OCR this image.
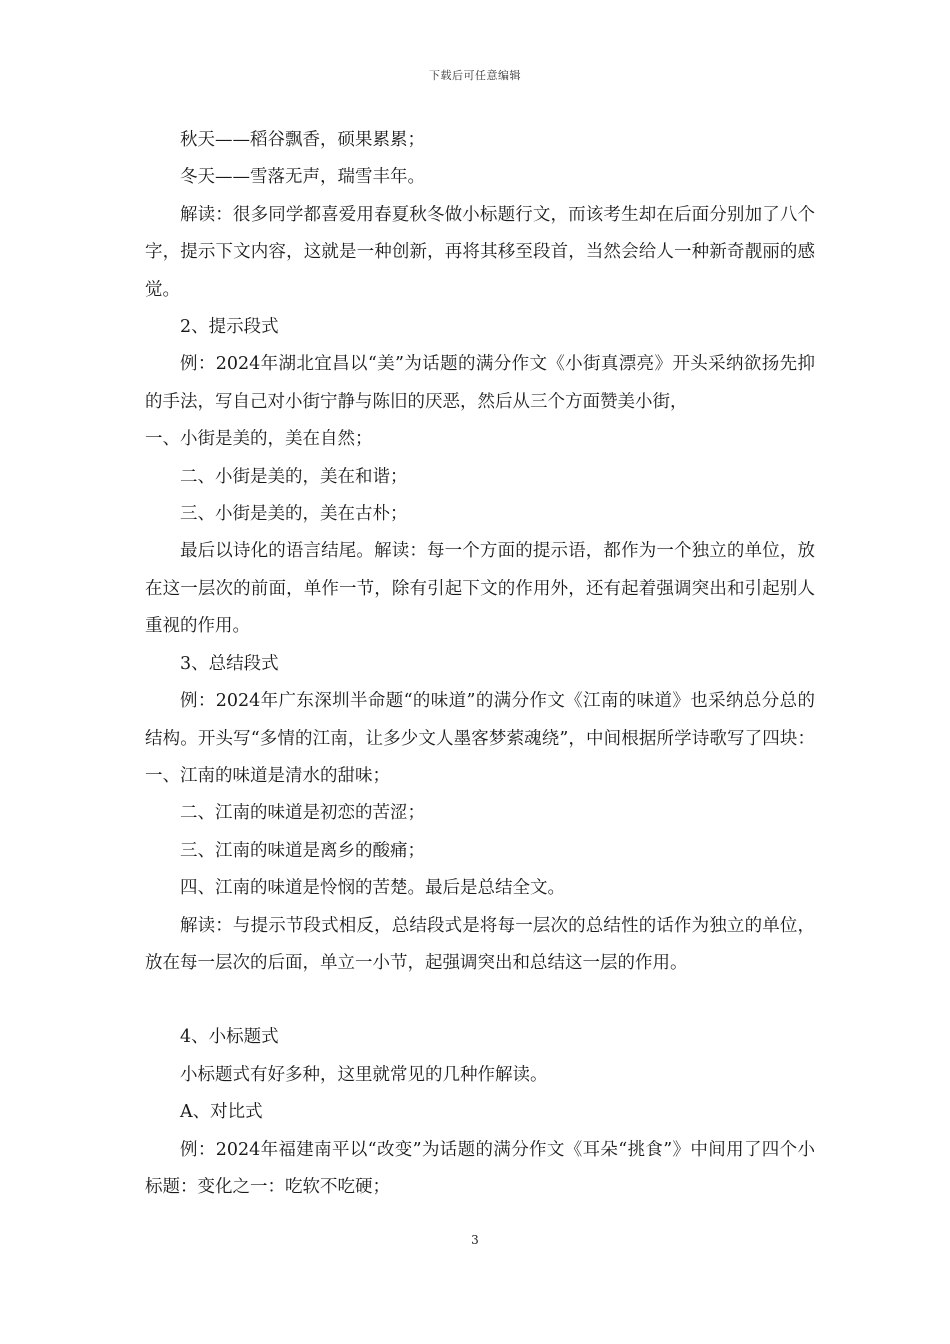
下载后可任意编辑

秋天——稻谷飘香，硕果累累；

冬天——雪落无声，瑞雪丰年。

解读：很多同学都喜爱用春夏秋冬做小标题行文，而该考生却在后面分别加了八个字，提示下文内容，这就是一种创新，再将其移至段首，当然会给人一种新奇靓丽的感觉。

2、提示段式

例：2024年湖北宜昌以“美”为话题的满分作文《小街真漂亮》开头采纳欲扬先抑的手法，写自己对小街宁静与陈旧的厌恶，然后从三个方面赞美小街，

一、小街是美的，美在自然；

二、小街是美的，美在和谐；

三、小街是美的，美在古朴；

最后以诗化的语言结尾。解读：每一个方面的提示语，都作为一个独立的单位，放在这一层次的前面，单作一节，除有引起下文的作用外，还有起着强调突出和引起别人重视的作用。

3、总结段式

例：2024年广东深圳半命题“的味道”的满分作文《江南的味道》也采纳总分总的结构。开头写“多情的江南，让多少文人墨客梦萦魂绕”，中间根据所学诗歌写了四块：一、江南的味道是清水的甜味；

二、江南的味道是初恋的苦涩；

三、江南的味道是离乡的酸痛；

四、江南的味道是怜悯的苦楚。最后是总结全文。

解读：与提示节段式相反，总结段式是将每一层次的总结性的话作为独立的单位，放在每一层次的后面，单立一小节，起强调突出和总结这一层的作用。

4、小标题式

小标题式有好多种，这里就常见的几种作解读。

A、对比式

例：2024年福建南平以“改变”为话题的满分作文《耳朵“挑食”》中间用了四个小标题：变化之一：吃软不吃硬；

3
